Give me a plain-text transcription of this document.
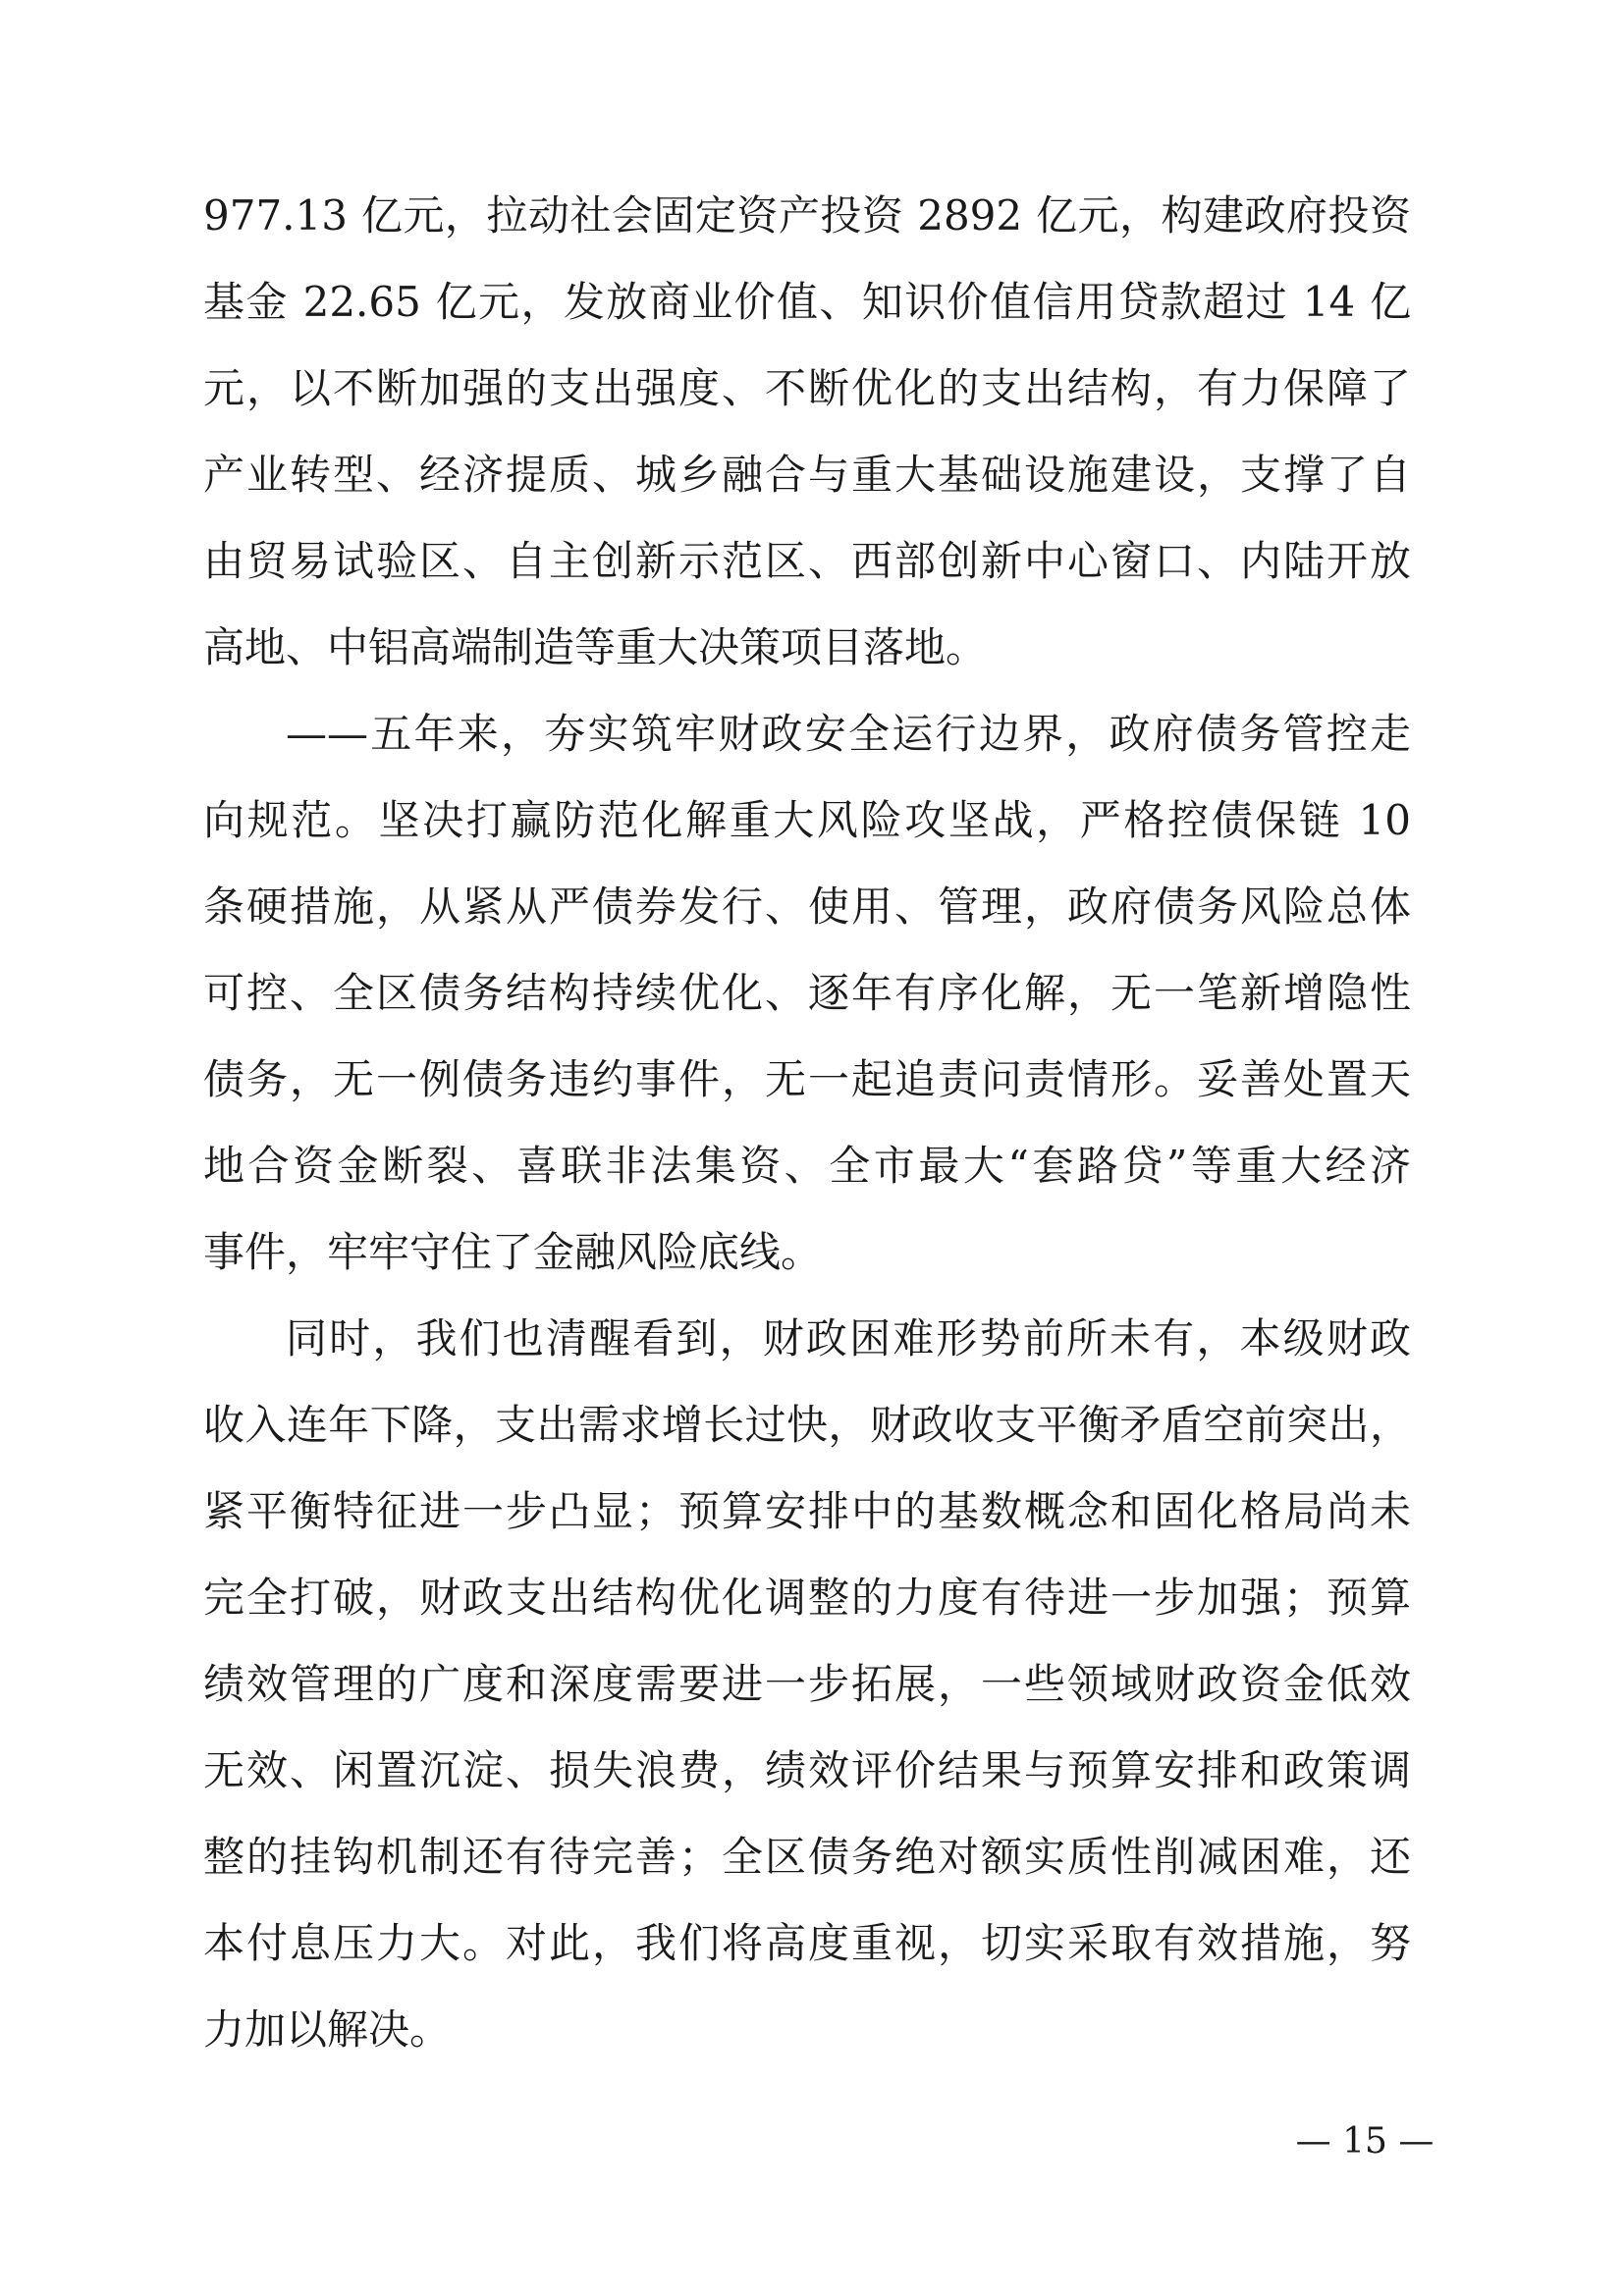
977.13 亿元，拉动社会固定资产投资 2892 亿元，构建政府投资
基金 22.65 亿元，发放商业价值、知识价值信用贷款超过 14 亿
元，以不断加强的支出强度、不断优化的支出结构，有力保障了
产业转型、经济提质、城乡融合与重大基础设施建设，支撑了自
由贸易试验区、自主创新示范区、西部创新中心窗口、内陆开放
高地、中铝高端制造等重大决策项目落地。
——五年来，夯实筑牢财政安全运行边界，政府债务管控走
向规范。坚决打赢防范化解重大风险攻坚战，严格控债保链 10
条硬措施，从紧从严债券发行、使用、管理，政府债务风险总体
可控、全区债务结构持续优化、逐年有序化解，无一笔新增隐性
债务，无一例债务违约事件，无一起追责问责情形。妥善处置天
地合资金断裂、喜联非法集资、全市最大“套路贷”等重大经济
事件，牢牢守住了金融风险底线。
同时，我们也清醒看到，财政困难形势前所未有，本级财政
收入连年下降，支出需求增长过快，财政收支平衡矛盾空前突出，
紧平衡特征进一步凸显；预算安排中的基数概念和固化格局尚未
完全打破，财政支出结构优化调整的力度有待进一步加强；预算
绩效管理的广度和深度需要进一步拓展，一些领域财政资金低效
无效、闲置沉淀、损失浪费，绩效评价结果与预算安排和政策调
整的挂钩机制还有待完善；全区债务绝对额实质性削减困难，还
本付息压力大。对此，我们将高度重视，切实采取有效措施，努
力加以解决。
— 15 —
